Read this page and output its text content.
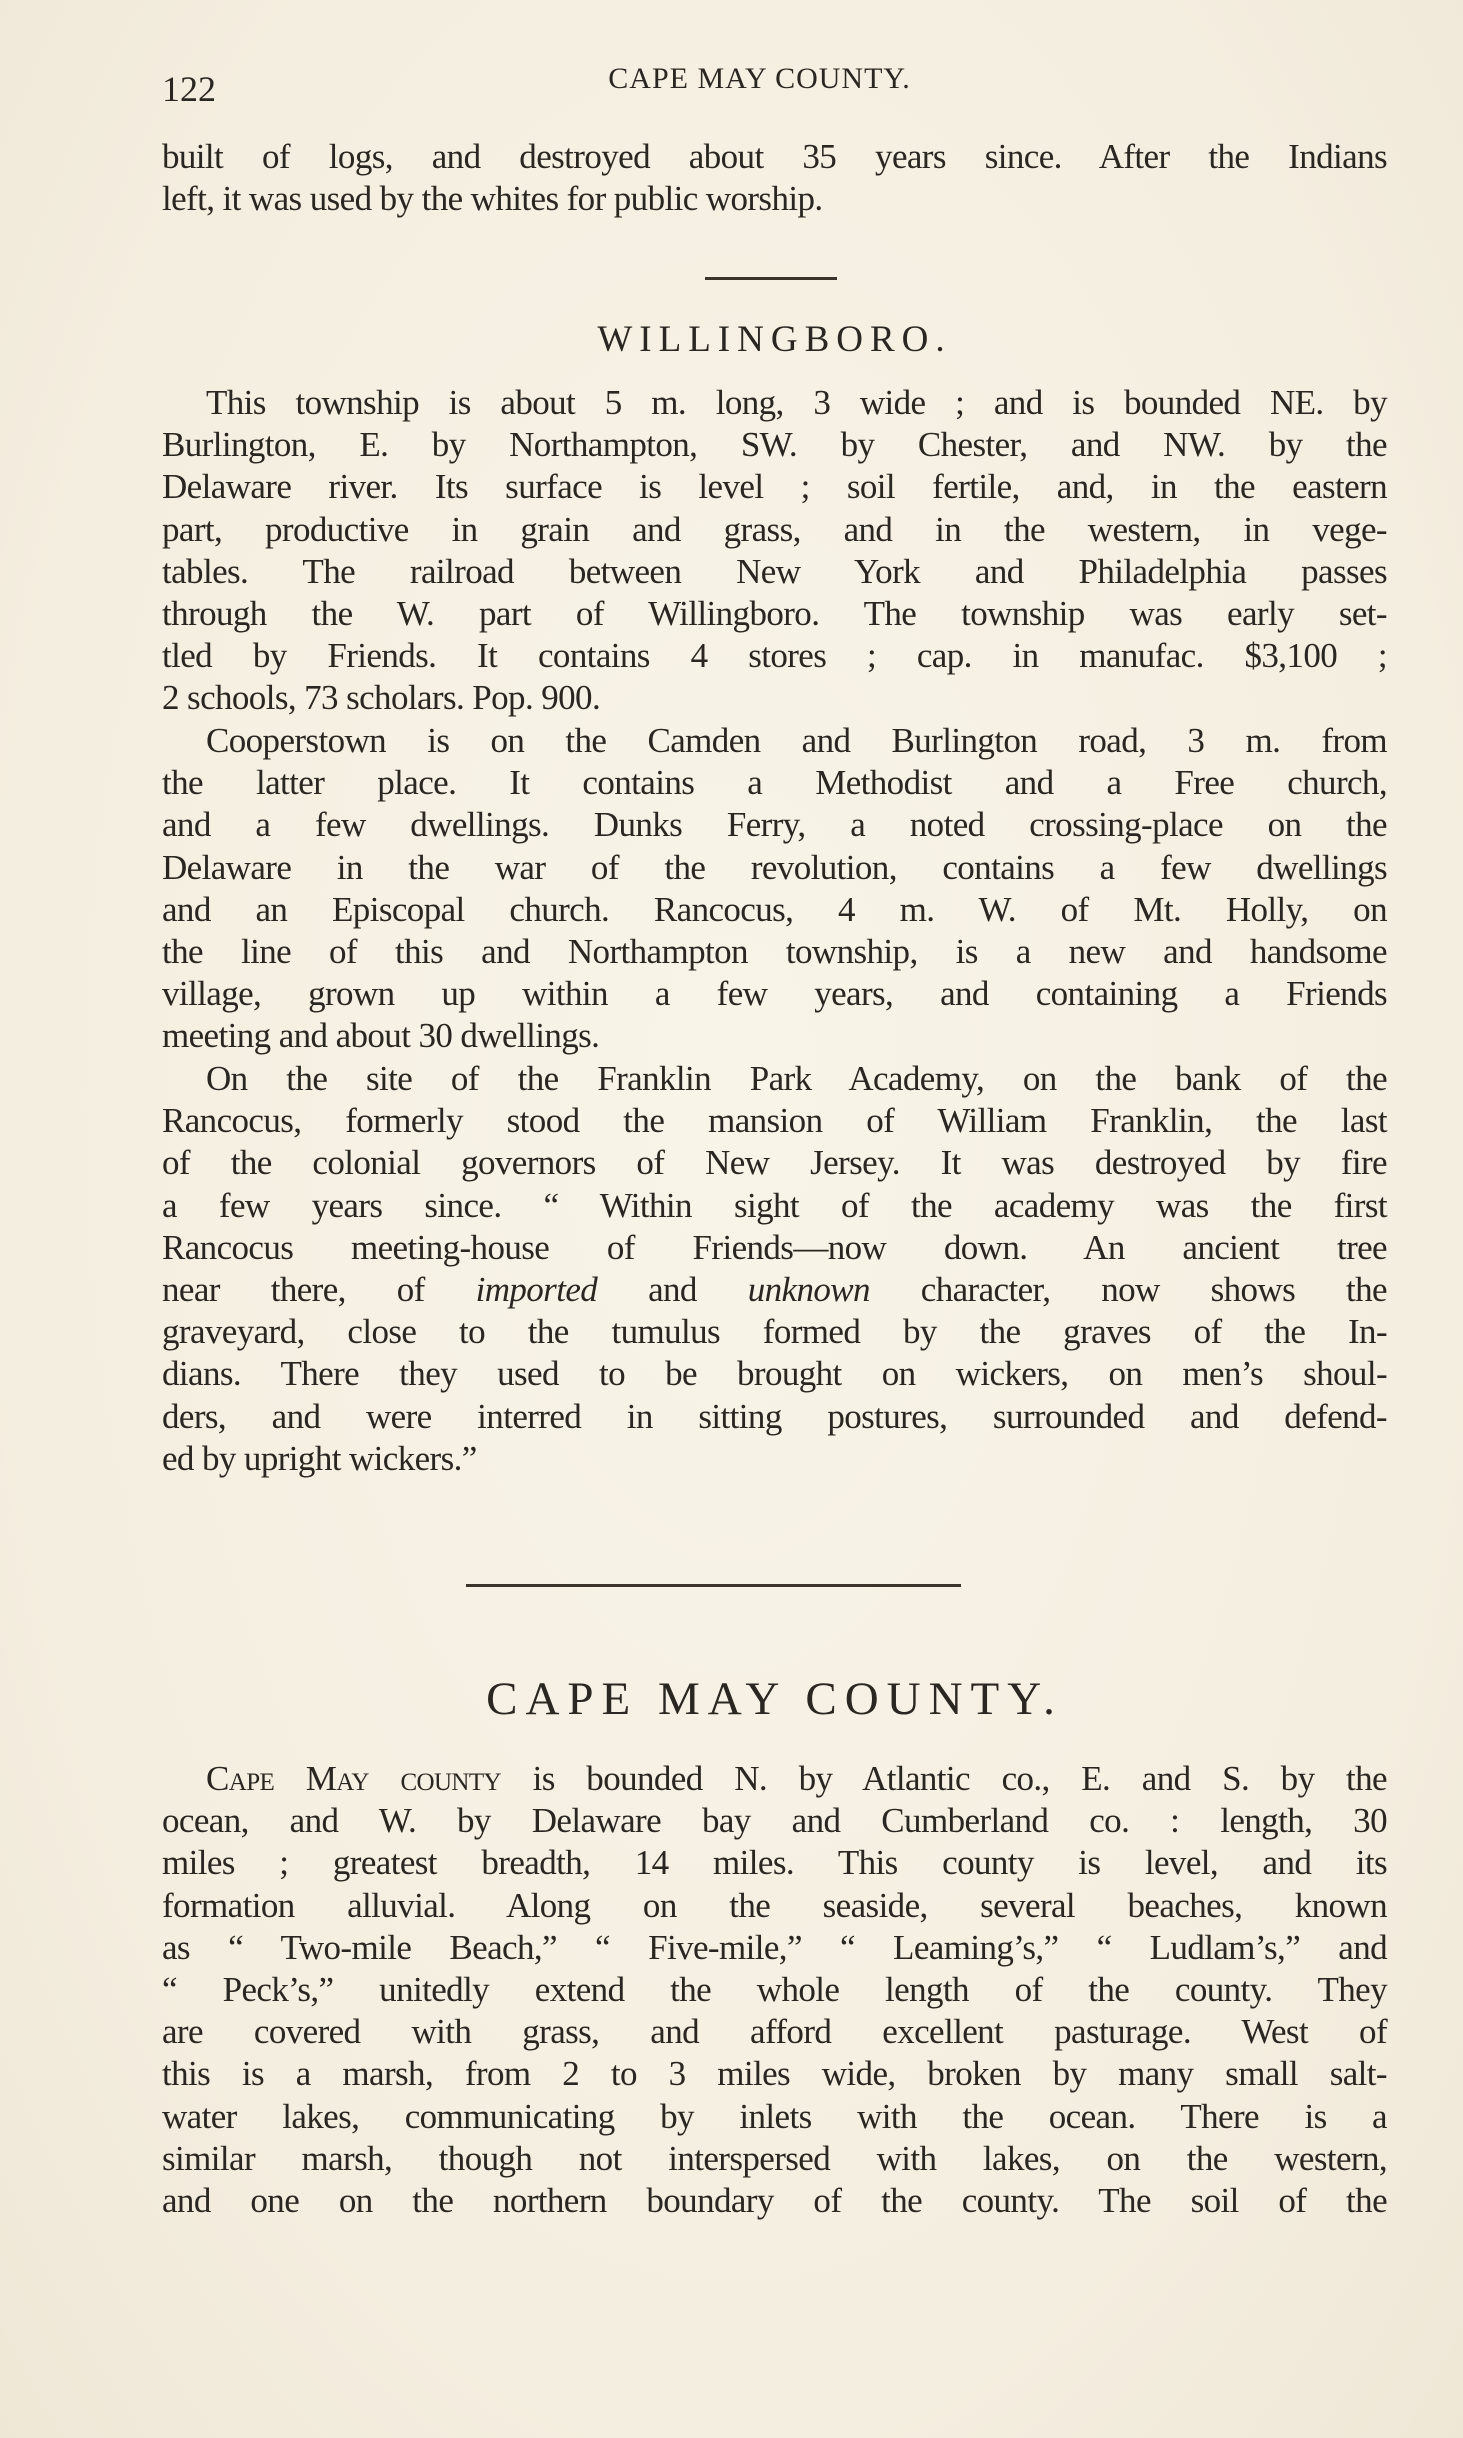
122	CAPE MAY COUNTY.

built of logs, and destroyed about 35 years since. After the Indians
left, it was used by the whites for public worship.

WILLINGBORO.

This township is about 5 m. long, 3 wide ; and is bounded NE. by
Burlington, E. by Northampton, SW. by Chester, and NW. by the
Delaware river. Its surface is level ; soil fertile, and, in the eastern
part, productive in grain and grass, and in the western, in vege-
tables. The railroad between New York and Philadelphia passes
through the W. part of Willingboro. The township was early set-
tled by Friends. It contains 4 stores ; cap. in manufac. $3,100 ;
2 schools, 73 scholars. Pop. 900.

Cooperstown is on the Camden and Burlington road, 3 m. from
the latter place. It contains a Methodist and a Free church,
and a few dwellings. Dunks Ferry, a noted crossing-place on the
Delaware in the war of the revolution, contains a few dwellings
and an Episcopal church. Rancocus, 4 m. W. of Mt. Holly, on
the line of this and Northampton township, is a new and handsome
village, grown up within a few years, and containing a Friends
meeting and about 30 dwellings.

On the site of the Franklin Park Academy, on the bank of the
Rancocus, formerly stood the mansion of William Franklin, the last
of the colonial governors of New Jersey. It was destroyed by fire
a few years since. “ Within sight of the academy was the first
Rancocus meeting-house of Friends—now down. An ancient tree
near there, of imported and unknown character, now shows the
graveyard, close to the tumulus formed by the graves of the In-
dians. There they used to be brought on wickers, on men’s shoul-
ders, and were interred in sitting postures, surrounded and defend-
ed by upright wickers.”

CAPE MAY COUNTY.

Cape May county is bounded N. by Atlantic co., E. and S. by the
ocean, and W. by Delaware bay and Cumberland co. : length, 30
miles ; greatest breadth, 14 miles. This county is level, and its
formation alluvial. Along on the seaside, several beaches, known
as “ Two-mile Beach,” “ Five-mile,” “ Leaming’s,” “ Ludlam’s,” and
“ Peck’s,” unitedly extend the whole length of the county. They
are covered with grass, and afford excellent pasturage. West of
this is a marsh, from 2 to 3 miles wide, broken by many small salt-
water lakes, communicating by inlets with the ocean. There is a
similar marsh, though not interspersed with lakes, on the western,
and one on the northern boundary of the county. The soil of the
